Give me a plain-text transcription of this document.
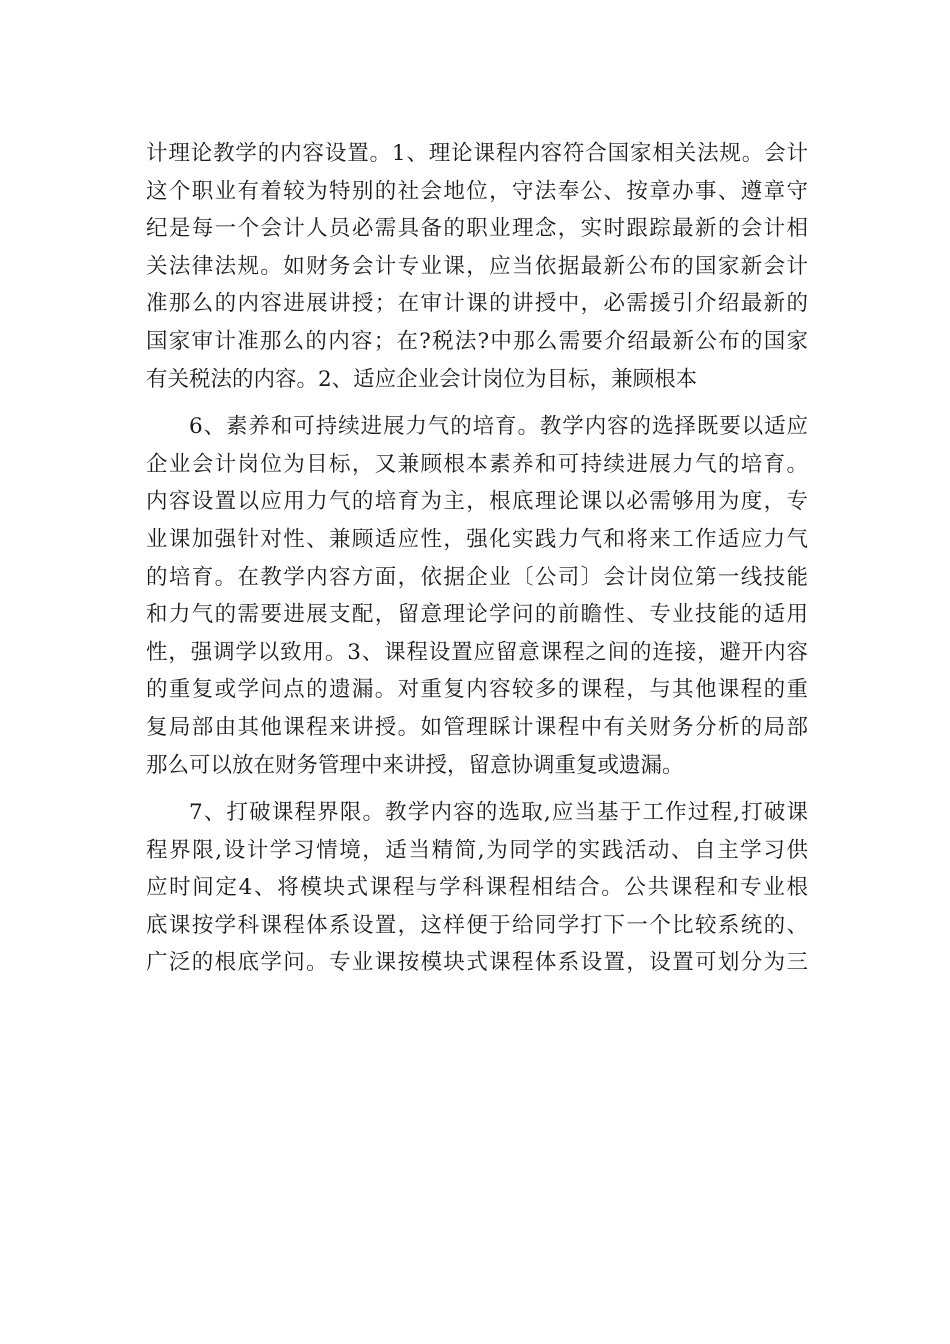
计理论教学的内容设置。1、理论课程内容符合国家相关法规。会计
这个职业有着较为特别的社会地位，守法奉公、按章办事、遵章守
纪是每一个会计人员必需具备的职业理念，实时跟踪最新的会计相
关法律法规。如财务会计专业课，应当依据最新公布的国家新会计
准那么的内容进展讲授；在审计课的讲授中，必需援引介绍最新的
国家审计准那么的内容；在?税法?中那么需要介绍最新公布的国家
有关税法的内容。2、适应企业会计岗位为目标，兼顾根本
6、素养和可持续进展力气的培育。教学内容的选择既要以适应
企业会计岗位为目标，又兼顾根本素养和可持续进展力气的培育。
内容设置以应用力气的培育为主，根底理论课以必需够用为度，专
业课加强针对性、兼顾适应性，强化实践力气和将来工作适应力气
的培育。在教学内容方面，依据企业〔公司〕会计岗位第一线技能
和力气的需要进展支配，留意理论学问的前瞻性、专业技能的适用
性，强调学以致用。3、课程设置应留意课程之间的连接，避开内容
的重复或学问点的遗漏。对重复内容较多的课程，与其他课程的重
复局部由其他课程来讲授。如管理睬计课程中有关财务分析的局部
那么可以放在财务管理中来讲授，留意协调重复或遗漏。
7、打破课程界限。教学内容的选取,应当基于工作过程,打破课
程界限,设计学习情境，适当精简,为同学的实践活动、自主学习供
应时间定4、将模块式课程与学科课程相结合。公共课程和专业根
底课按学科课程体系设置，这样便于给同学打下一个比较系统的、
广泛的根底学问。专业课按模块式课程体系设置，设置可划分为三
